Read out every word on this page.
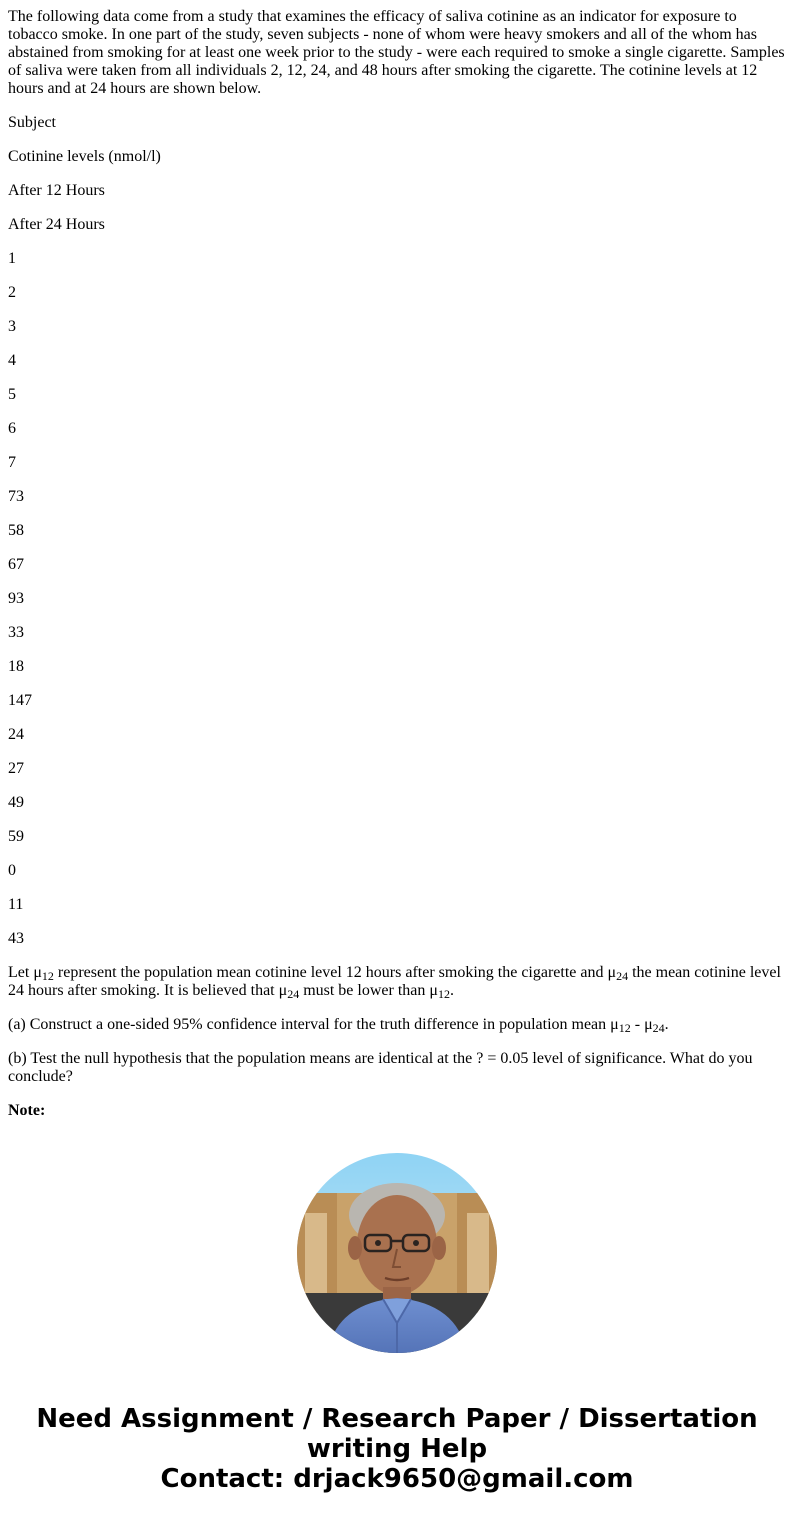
The following data come from a study that examines the efficacy of saliva cotinine as an indicator for exposure to tobacco smoke. In one part of the study, seven subjects - none of whom were heavy smokers and all of the whom has abstained from smoking for at least one week prior to the study - were each required to smoke a single cigarette. Samples of saliva were taken from all individuals 2, 12, 24, and 48 hours after smoking the cigarette. The cotinine levels at 12 hours and at 24 hours are shown below.

Subject

Cotinine levels (nmol/l)

After 12 Hours

After 24 Hours

1

2

3

4

5

6

7

73

58

67

93

33

18

147

24

27

49

59

0

11

43

Let $\mu_{12}$ represent the population mean cotinine level 12 hours after smoking the cigarette and $\mu_{24}$ the mean cotinine level 24 hours after smoking. It is believed that $\mu_{24}$ must be lower than $\mu_{12}$.

(a) Construct a one-sided 95% confidence interval for the truth difference in population mean $\mu_{12} - \mu_{24}$.

(b) Test the null hypothesis that the population means are identical at the ? = 0.05 level of significance. What do you conclude?

Note:

Need Assignment / Research Paper / Dissertation
writing Help
Contact: drjack9650@gmail.com
